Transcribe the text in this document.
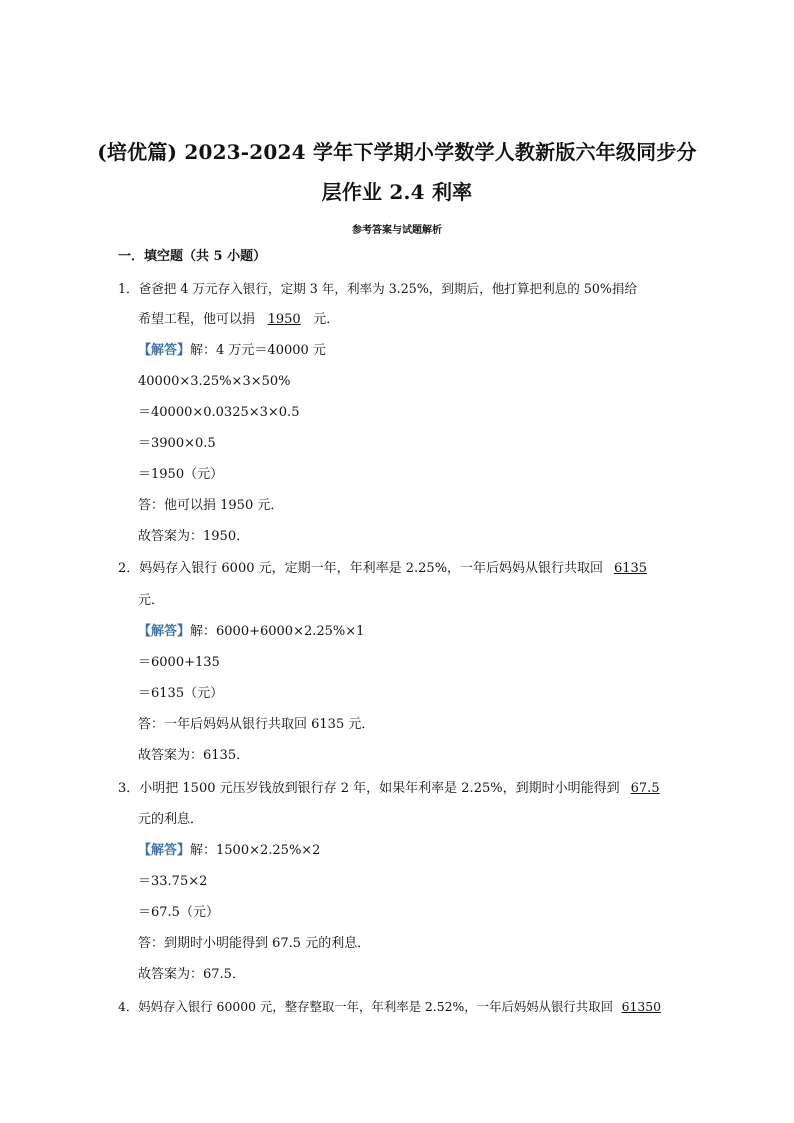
(培优篇) 2023-2024 学年下学期小学数学人教新版六年级同步分
层作业 2.4 利率
参考答案与试题解析
一．填空题（共 5 小题）
1．爸爸把 4 万元存入银行，定期 3 年，利率为 3.25%，到期后，他打算把利息的 50%捐给
希望工程，他可以捐 1950 元．
【解答】解：4 万元＝40000 元
40000×3.25%×3×50%
＝40000×0.0325×3×0.5
＝3900×0.5
＝1950（元）
答：他可以捐 1950 元．
故答案为：1950．
2．妈妈存入银行 6000 元，定期一年，年利率是 2.25%，一年后妈妈从银行共取回 6135
元．
【解答】解：6000+6000×2.25%×1
＝6000+135
＝6135（元）
答：一年后妈妈从银行共取回 6135 元．
故答案为：6135．
3．小明把 1500 元压岁钱放到银行存 2 年，如果年利率是 2.25%，到期时小明能得到 67.5
元的利息．
【解答】解：1500×2.25%×2
＝33.75×2
＝67.5（元）
答：到期时小明能得到 67.5 元的利息．
故答案为：67.5．
4．妈妈存入银行 60000 元，整存整取一年，年利率是 2.52%，一年后妈妈从银行共取回 61350
